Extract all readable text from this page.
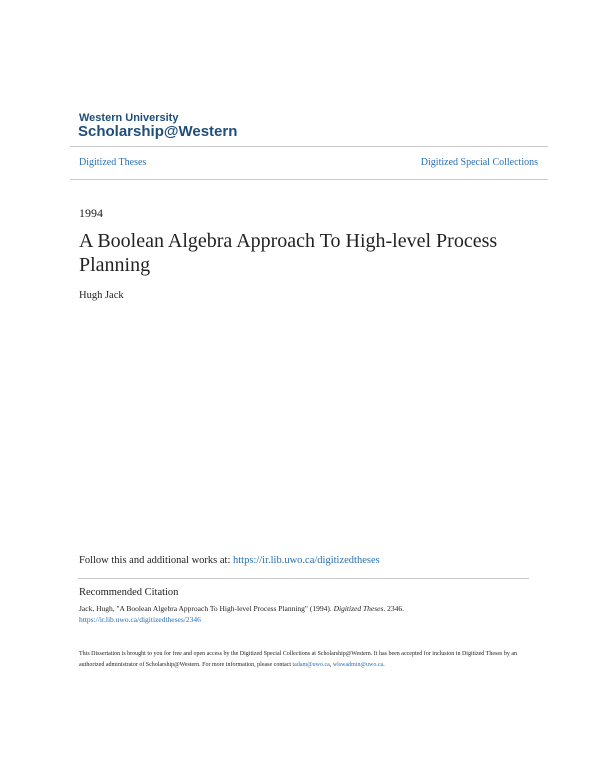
Western University
Scholarship@Western
Digitized Theses	Digitized Special Collections
1994
A Boolean Algebra Approach To High-level Process Planning
Hugh Jack
Follow this and additional works at: https://ir.lib.uwo.ca/digitizedtheses
Recommended Citation
Jack, Hugh, "A Boolean Algebra Approach To High-level Process Planning" (1994). Digitized Theses. 2346.
https://ir.lib.uwo.ca/digitizedtheses/2346
This Dissertation is brought to you for free and open access by the Digitized Special Collections at Scholarship@Western. It has been accepted for inclusion in Digitized Theses by an authorized administrator of Scholarship@Western. For more information, please contact tadam@uwo.ca, wlswadmin@uwo.ca.
